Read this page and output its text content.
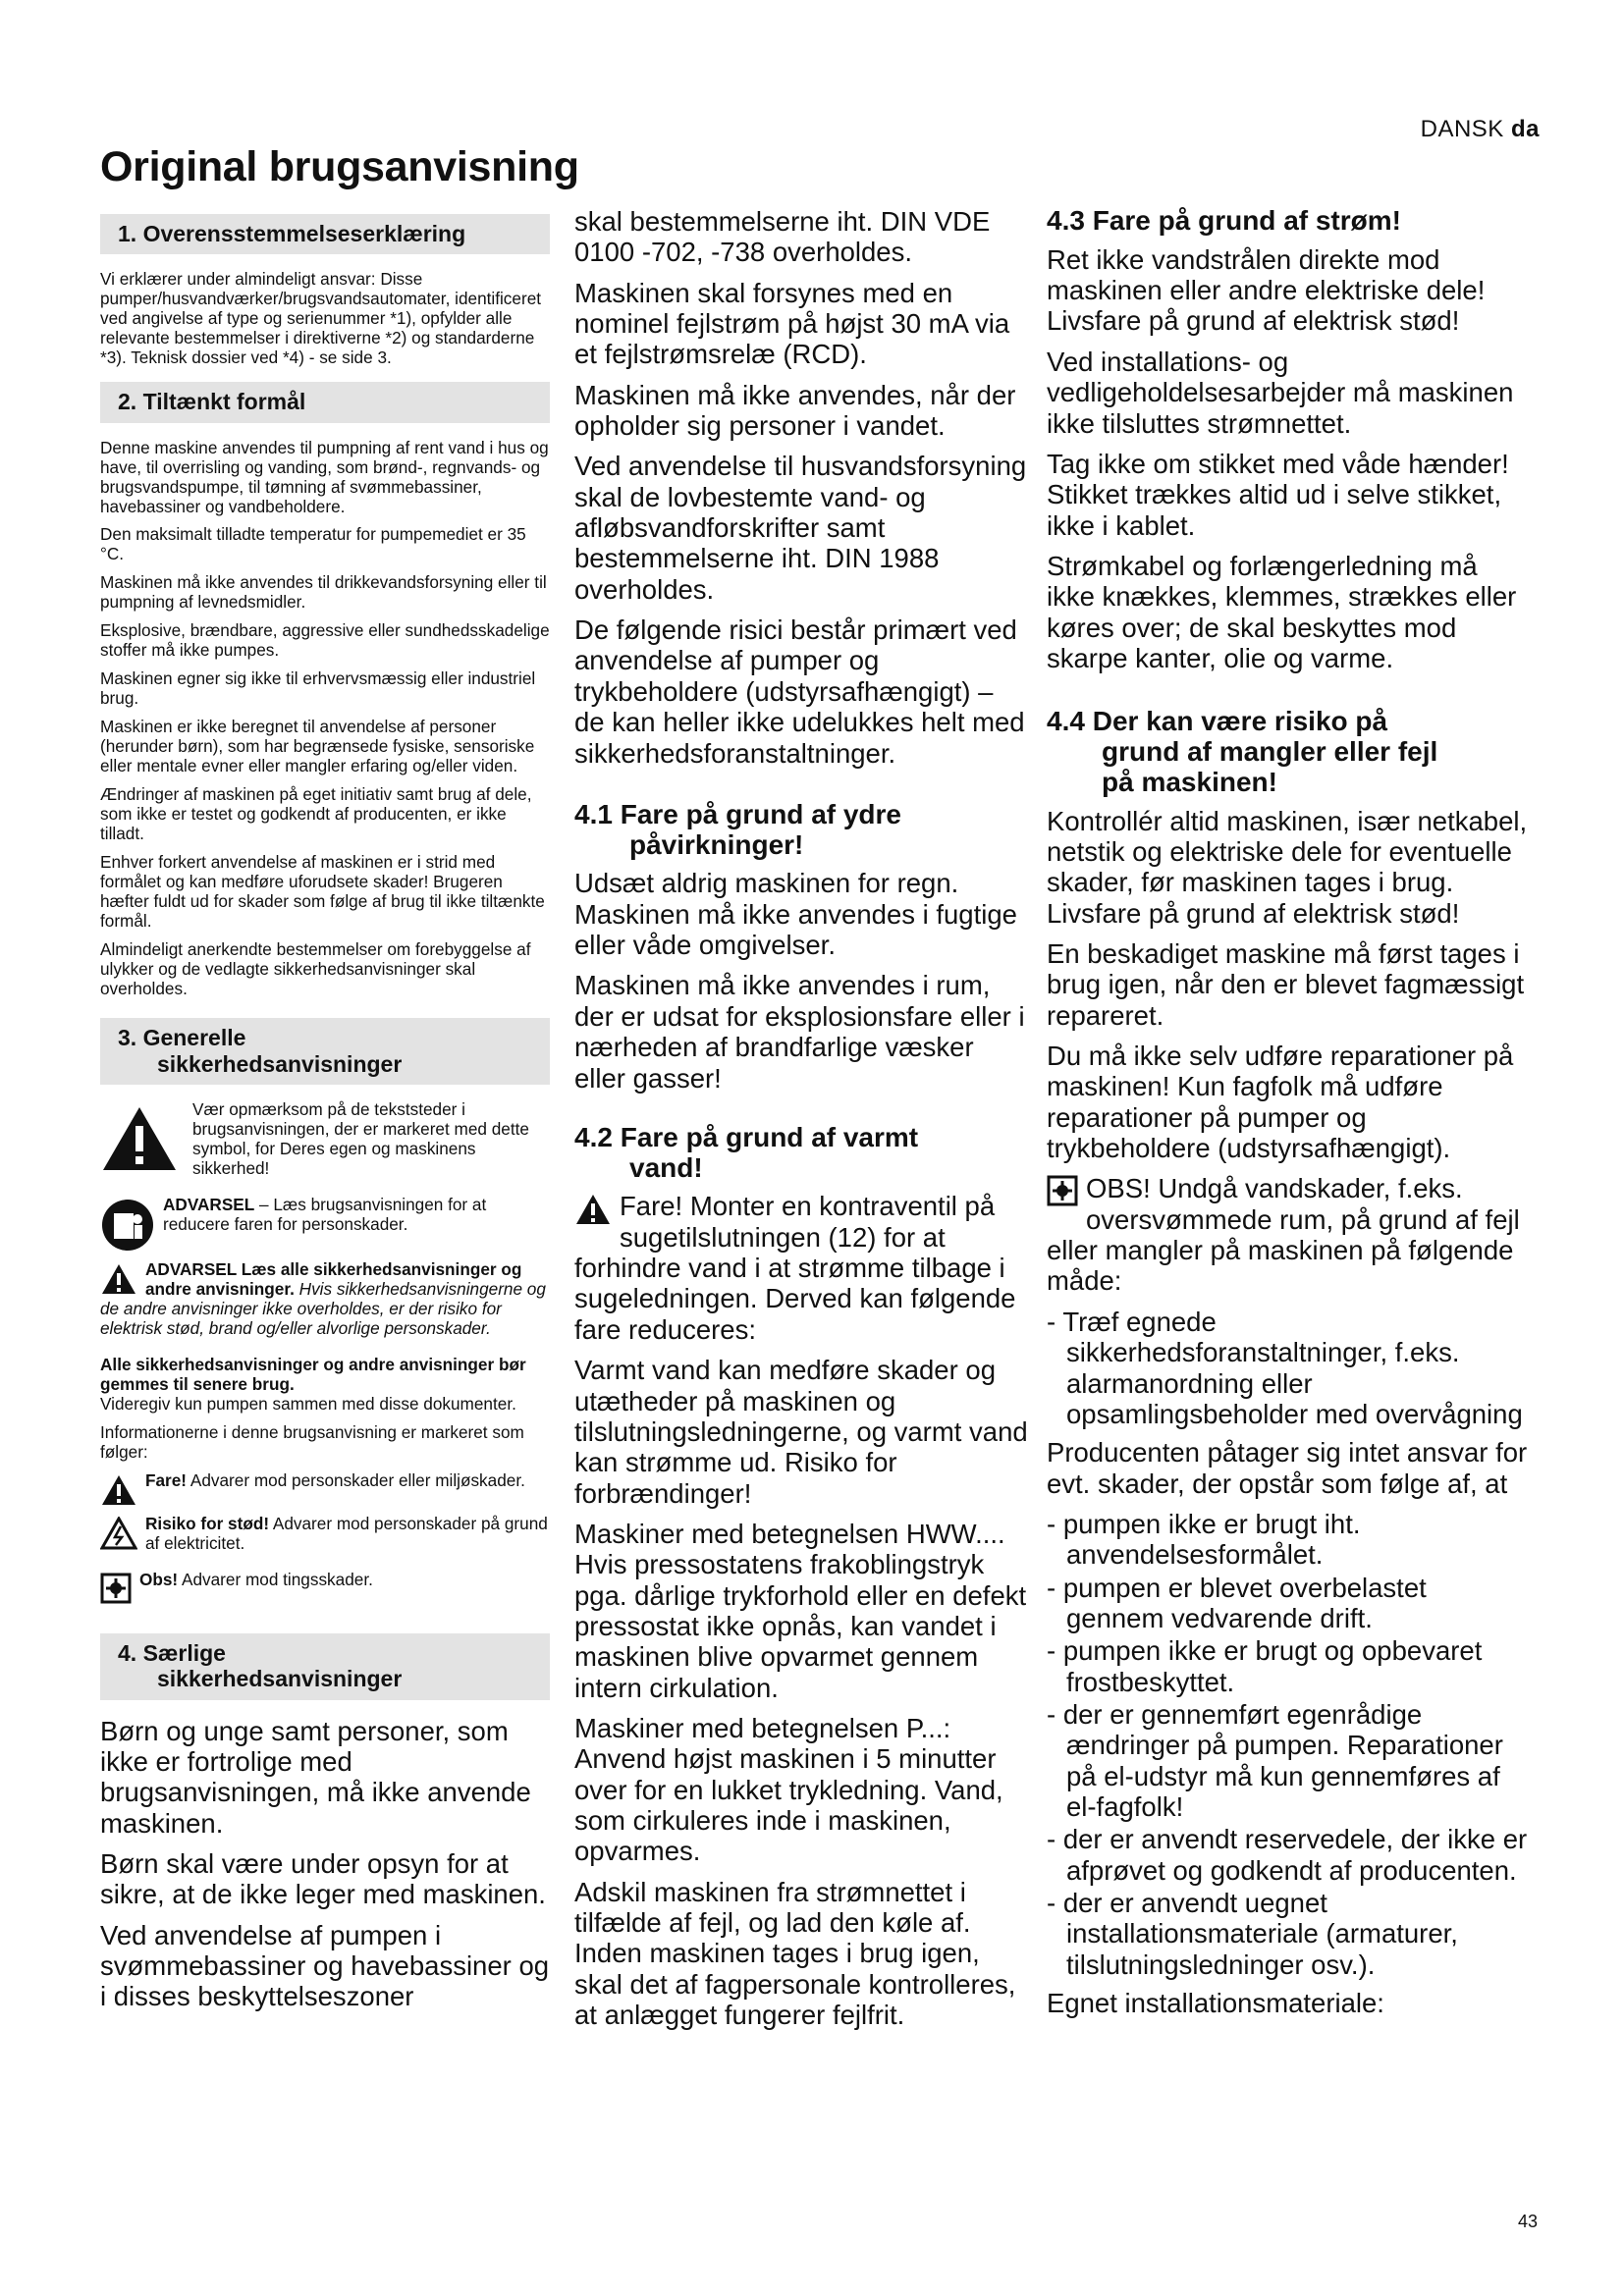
DANSK da
Original brugsanvisning
1. Overensstemmelseserklæring

Vi erklærer under almindeligt ansvar: Disse pumper/husvandværker/brugsvandsautomater, identificeret ved angivelse af type og serienummer *1), opfylder alle relevante bestemmelser i direktiverne *2) og standarderne *3). Teknisk dossier ved *4) - se side 3.

2. Tiltænkt formål

Denne maskine anvendes til pumpning af rent vand i hus og have, til overrisling og vanding, som brønd-, regnvands- og brugsvandspumpe, til tømning af svømmebassiner, havebassiner og vandbeholdere.

Den maksimalt tilladte temperatur for pumpemediet er 35 °C.

Maskinen må ikke anvendes til drikkevandsforsyning eller til pumpning af levnedsmidler.

Eksplosive, brændbare, aggressive eller sundhedsskadelige stoffer må ikke pumpes.

Maskinen egner sig ikke til erhvervsmæssig eller industriel brug.

Maskinen er ikke beregnet til anvendelse af personer (herunder børn), som har begrænsede fysiske, sensoriske eller mentale evner eller mangler erfaring og/eller viden.

Ændringer af maskinen på eget initiativ samt brug af dele, som ikke er testet og godkendt af producenten, er ikke tilladt.

Enhver forkert anvendelse af maskinen er i strid med formålet og kan medføre uforudsete skader! Brugeren hæfter fuldt ud for skader som følge af brug til ikke tiltænkte formål.

Almindeligt anerkendte bestemmelser om forebyggelse af ulykker og de vedlagte sikkerhedsanvisninger skal overholdes.

3. Generelle
sikkerhedsanvisninger

Vær opmærksom på de tekststeder i brugsanvisningen, der er markeret med dette symbol, for Deres egen og maskinens sikkerhed!

ADVARSEL – Læs brugsanvisningen for at reducere faren for personskader.

ADVARSEL Læs alle sikkerhedsanvisninger og andre anvisninger. Hvis sikkerhedsanvisningerne og de andre anvisninger ikke overholdes, er der risiko for elektrisk stød, brand og/eller alvorlige personskader.

Alle sikkerhedsanvisninger og andre anvisninger bør gemmes til senere brug.
Videregiv kun pumpen sammen med disse dokumenter.

Informationerne i denne brugsanvisning er markeret som følger:

Fare! Advarer mod personskader eller miljøskader.

Risiko for stød! Advarer mod personskader på grund af elektricitet.

Obs! Advarer mod tingsskader.

4. Særlige
sikkerhedsanvisninger

Børn og unge samt personer, som ikke er fortrolige med brugsanvisningen, må ikke anvende maskinen.

Børn skal være under opsyn for at sikre, at de ikke leger med maskinen.

Ved anvendelse af pumpen i svømmebassiner og havebassiner og i disses beskyttelseszoner

skal bestemmelserne iht. DIN VDE 0100 -702, -738 overholdes.

Maskinen skal forsynes med en nominel fejlstrøm på højst 30 mA via et fejlstrømsrelæ (RCD).

Maskinen må ikke anvendes, når der opholder sig personer i vandet.

Ved anvendelse til husvandsforsyning skal de lovbestemte vand- og afløbsvandforskrifter samt bestemmelserne iht. DIN 1988 overholdes.

De følgende risici består primært ved anvendelse af pumper og trykbeholdere (udstyrsafhængigt) – de kan heller ikke udelukkes helt med sikkerhedsforanstaltninger.

4.1 Fare på grund af ydre
påvirkninger!

Udsæt aldrig maskinen for regn. Maskinen må ikke anvendes i fugtige eller våde omgivelser.

Maskinen må ikke anvendes i rum, der er udsat for eksplosionsfare eller i nærheden af brandfarlige væsker eller gasser!

4.2 Fare på grund af varmt
vand!

Fare! Monter en kontraventil på sugetilslutningen (12) for at forhindre vand i at strømme tilbage i sugeledningen. Derved kan følgende fare reduceres:

Varmt vand kan medføre skader og utætheder på maskinen og tilslutningsledningerne, og varmt vand kan strømme ud. Risiko for forbrændinger!

Maskiner med betegnelsen HWW.... Hvis pressostatens frakoblingstryk pga. dårlige trykforhold eller en defekt pressostat ikke opnås, kan vandet i maskinen blive opvarmet gennem intern cirkulation.

Maskiner med betegnelsen P...: Anvend højst maskinen i 5 minutter over for en lukket trykledning. Vand, som cirkuleres inde i maskinen, opvarmes.

Adskil maskinen fra strømnettet i tilfælde af fejl, og lad den køle af. Inden maskinen tages i brug igen, skal det af fagpersonale kontrolleres, at anlægget fungerer fejlfrit.

4.3 Fare på grund af strøm!

Ret ikke vandstrålen direkte mod maskinen eller andre elektriske dele! Livsfare på grund af elektrisk stød!

Ved installations- og vedligeholdelsesarbejder må maskinen ikke tilsluttes strømnettet.

Tag ikke om stikket med våde hænder! Stikket trækkes altid ud i selve stikket, ikke i kablet.

Strømkabel og forlængerledning må ikke knækkes, klemmes, strækkes eller køres over; de skal beskyttes mod skarpe kanter, olie og varme.

4.4 Der kan være risiko på
grund af mangler eller fejl
på maskinen!

Kontrollér altid maskinen, især netkabel, netstik og elektriske dele for eventuelle skader, før maskinen tages i brug. Livsfare på grund af elektrisk stød!

En beskadiget maskine må først tages i brug igen, når den er blevet fagmæssigt repareret.

Du må ikke selv udføre reparationer på maskinen! Kun fagfolk må udføre reparationer på pumper og trykbeholdere (udstyrsafhængigt).

OBS! Undgå vandskader, f.eks. oversvømmede rum, på grund af fejl eller mangler på maskinen på følgende måde:

- Træf egnede sikkerhedsforanstaltninger, f.eks. alarmanordning eller opsamlingsbeholder med overvågning

Producenten påtager sig intet ansvar for evt. skader, der opstår som følge af, at

- pumpen ikke er brugt iht. anvendelsesformålet.
- pumpen er blevet overbelastet gennem vedvarende drift.
- pumpen ikke er brugt og opbevaret frostbeskyttet.
- der er gennemført egenrådige ændringer på pumpen. Reparationer på el-udstyr må kun gennemføres af el-fagfolk!
- der er anvendt reservedele, der ikke er afprøvet og godkendt af producenten.
- der er anvendt uegnet installationsmateriale (armaturer, tilslutningsledninger osv.).

Egnet installationsmateriale:

43
